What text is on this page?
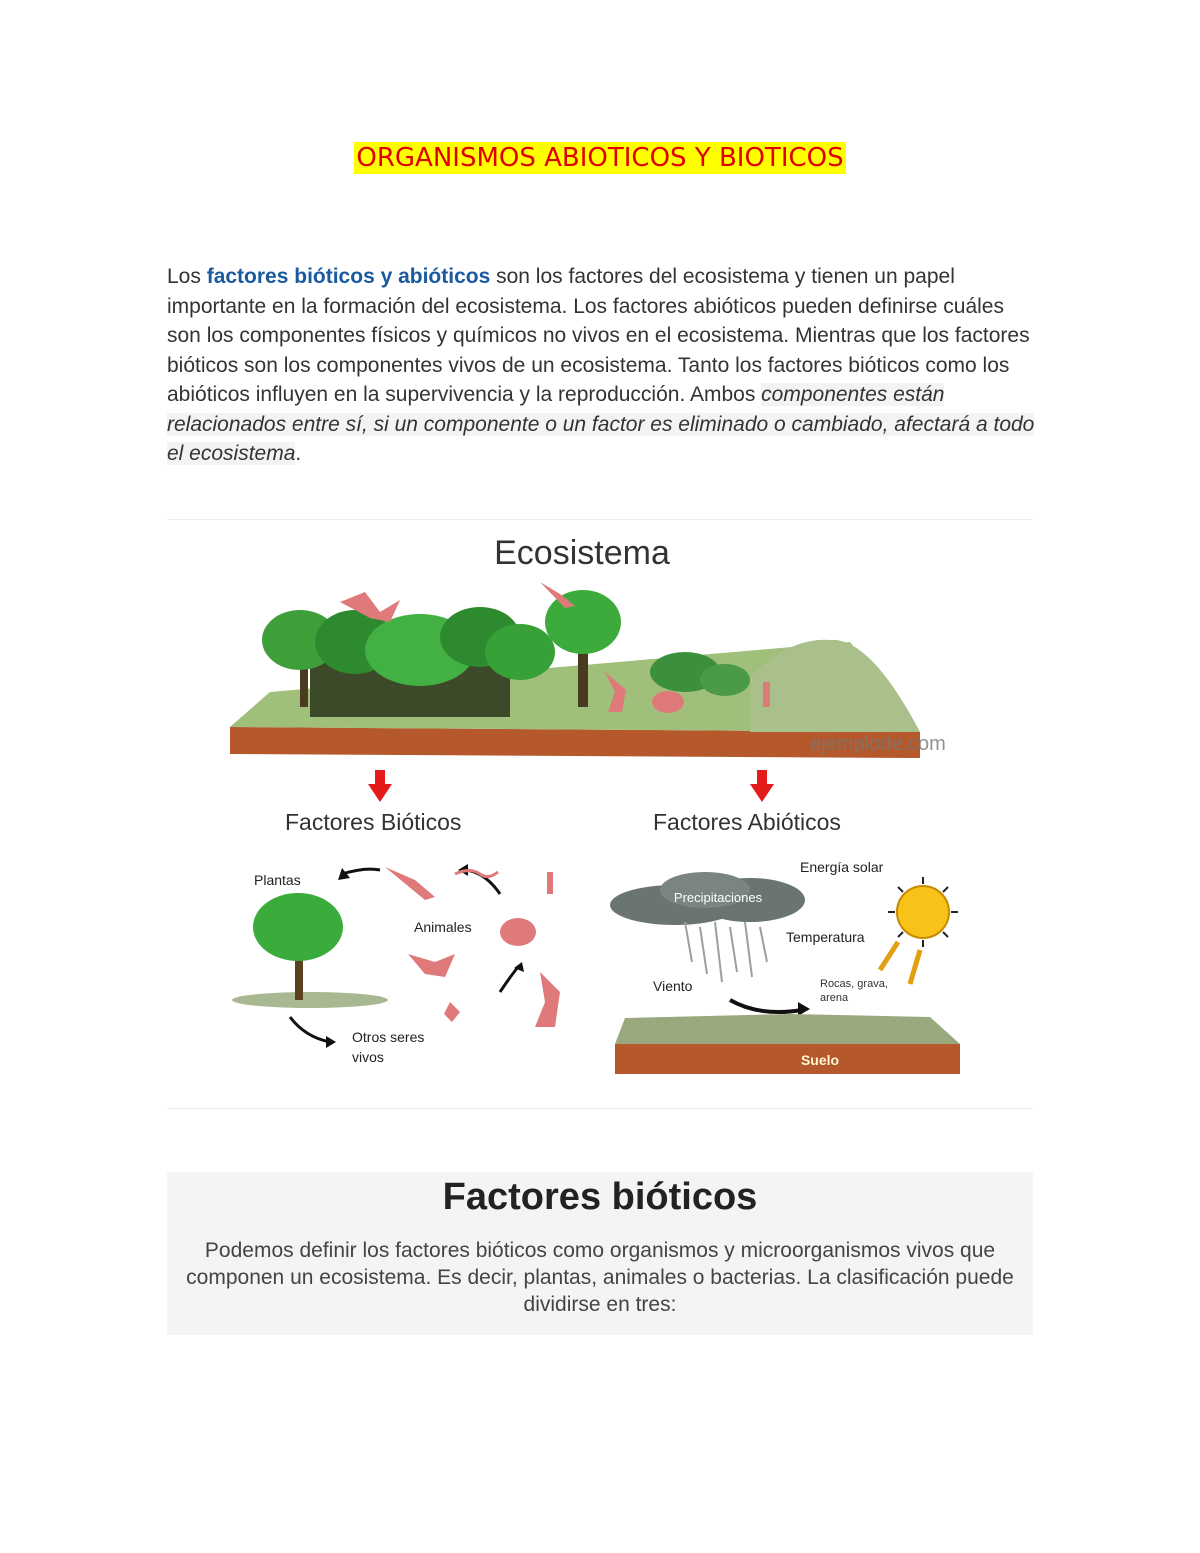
ORGANISMOS ABIOTICOS Y BIOTICOS
Los factores bióticos y abióticos son los factores del ecosistema y tienen un papel importante en la formación del ecosistema. Los factores abióticos pueden definirse cuáles son los componentes físicos y químicos no vivos en el ecosistema. Mientras que los factores bióticos son los componentes vivos de un ecosistema. Tanto los factores bióticos como los abióticos influyen en la supervivencia y la reproducción. Ambos componentes están relacionados entre sí, si un componente o un factor es eliminado o cambiado, afectará a todo el ecosistema.
Ecosistema
ejemplode.com
Factores Bióticos	Factores Abióticos
Plantas
Animales
Otros seres
vivos
Energía solar
Precipitaciones
Temperatura
Viento	Rocas, grava,
arena
Suelo
Factores bióticos

Podemos definir los factores bióticos como organismos y microorganismos vivos que componen un ecosistema. Es decir, plantas, animales o bacterias. La clasificación puede dividirse en tres:
